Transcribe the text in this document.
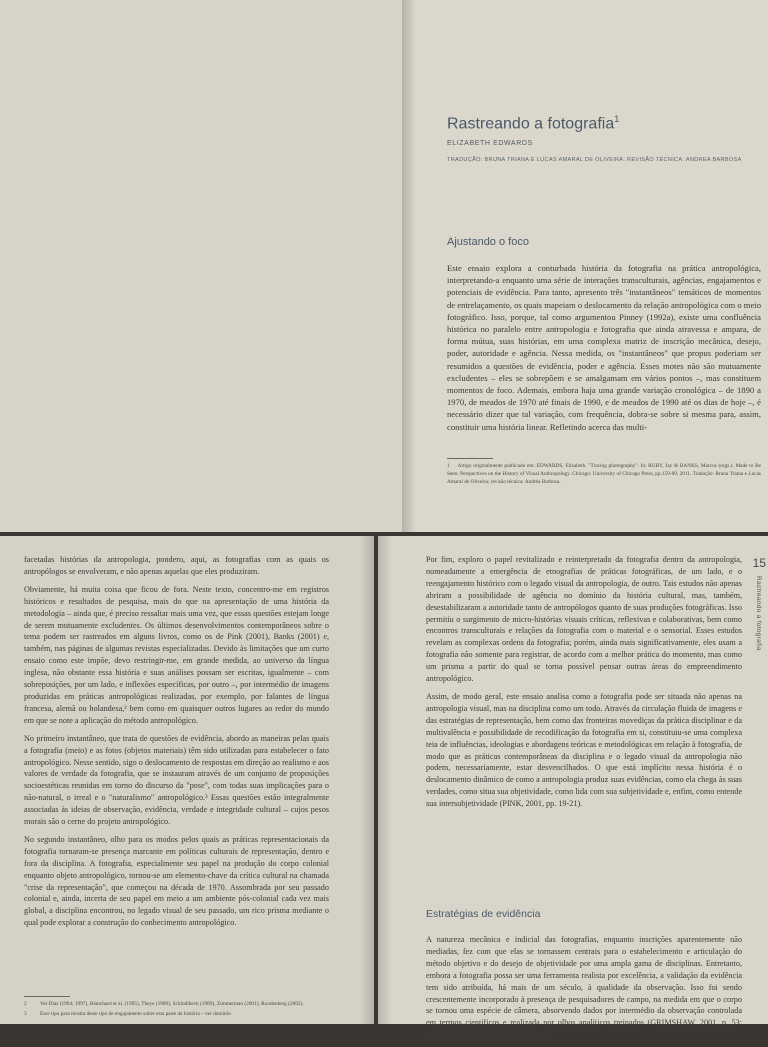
Rastreando a fotografia$^1$
ELIZABETH EDWARDS
TRADUÇÃO: BRUNA TRIANA E LUCAS AMARAL DE OLIVEIRA. REVISÃO TÉCNICA: ANDREA BARBOSA
Ajustando o foco

Este ensaio explora a conturbada história da fotografia na prática antropológica, interpretando-a enquanto uma série de interações transculturais, agências, engajamentos e potenciais de evidência. Para tanto, apresento três "instantâneos" temáticos de momentos de entrelaçamento, os quais mapeiam o deslocamento da relação antropológica com o meio fotográfico. Isso, porque, tal como argumentou Pinney (1992a), existe uma confluência histórica no paralelo entre antropologia e fotografia que ainda atravessa e ampara, de forma mútua, suas histórias, em uma complexa matriz de inscrição mecânica, desejo, poder, autoridade e agência. Nessa medida, os "instantâneos" que propus poderiam ser resumidos a questões de evidência, poder e agência. Esses motes não são mutuamente excludentes – eles se sobrepõem e se amalgamam em vários pontos –, mas constituem momentos de foco. Ademais, embora haja uma grande variação cronológica – de 1890 a 1970, de meados de 1970 até finais de 1990, e de meados de 1990 até os dias de hoje –, é necessário dizer que tal variação, com frequência, dobra-se sobre si mesma para, assim, constituir uma história linear. Refletindo acerca das multi-

1 Artigo originalmente publicado em: EDWARDS, Elizabeth. "Tracing photography". In: RUBY, Jay & BANKS, Marcus (orgs.). Made to Be Seen: Perspectives on the History of Visual Anthropology. Chicago: University of Chicago Press, pp.159-89, 2011. Tradução: Bruna Triana e Lucas Amaral de Oliveira; revisão técnica: Andréa Barbosa.

facetadas histórias da antropologia, pondero, aqui, as fotografias com as quais os antropólogos se envolveram, e não apenas aquelas que eles produziram.

Obviamente, há muita coisa que ficou de fora. Neste texto, concentro-me em registros históricos e resultados de pesquisa, mais do que na apresentação de uma história da metodologia – ainda que, é preciso ressaltar mais uma vez, que essas questões estejam longe de serem mutuamente excludentes. Os últimos desenvolvimentos contemporâneos sobre o tema podem ser rastreados em alguns livros, como os de Pink (2001), Banks (2001) e, também, nas páginas de algumas revistas especializadas. Devido às limitações que um curto ensaio como este impõe, devo restringir-me, em grande medida, ao universo da língua inglesa, não obstante essa história e suas análises possam ser escritas, igualmente – com sobreposições, por um lado, e inflexões específicas, por outro –, por intermédio de imagens produzidas em práticas antropológicas realizadas, por exemplo, por falantes de língua francesa, alemã ou holandesa,² bem como em quaisquer outros lugares ao redor do mundo em que se note a aplicação do método antropológico.

No primeiro instantâneo, que trata de questões de evidência, abordo as maneiras pelas quais a fotografia (meio) e as fotos (objetos materiais) têm sido utilizadas para estabelecer o fato antropológico. Nesse sentido, sigo o deslocamento de respostas em direção ao realismo e aos valores de verdade da fotografia, que se instauram através de um conjunto de proposições socioestéticas reunidas em torno do discurso da "pose", com todas suas implicações para o não-natural, o irreal e o "naturalismo" antropológico.³ Essas questões estão integralmente associadas às ideias de observação, evidência, verdade e integridade cultural – cujos pesos morais são o cerne do projeto antropológico.

No segundo instantâneo, olho para os modos pelos quais as práticas representacionais da fotografia tornaram-se presença marcante em políticas culturais de representação, dentro e fora da disciplina. A fotografia, especialmente seu papel na produção do corpo colonial enquanto objeto antropológico, tornou-se um elemento-chave da crítica cultural na chamada "crise da representação", que começou na década de 1970. Assombrada por seu passado colonial e, ainda, incerta de seu papel em meio a um ambiente pós-colonial cada vez mais global, a disciplina encontrou, no legado visual de seu passado, um rico prisma mediante o qual pode explorar a construção do conhecimento antropológico.

2	Ver Dias (1994; 1997), Blanchard et al. (1995), Theye (1989), Schindlbeck (1989), Zimmerman (2001), Roodenberg (2002).

3	Esse tipo para mostra deste tipo de engajamento sobre esta parte da história – ver domínio

15
Rastreando a fotografia

Por fim, exploro o papel revitalizado e reinterpretado da fotografia dentro da antropologia, nomeadamente a emergência de etnografias de práticas fotográficas, de um lado, e o reengajamento histórico com o legado visual da antropologia, de outro. Tais estudos não apenas abriram a possibilidade de agência no domínio da história cultural, mas, também, desestabilizaram a autoridade tanto de antropólogos quanto de suas produções fotográficas. Isso permitiu o surgimento de micro-histórias visuais críticas, reflexivas e colaborativas, bem como encontros transculturais e relações da fotografia com o material e o sensorial. Esses estudos revelam as complexas ordens da fotografia; porém, ainda mais significativamente, eles usam a fotografia não somente para registrar, de acordo com a melhor prática do momento, mas como um prisma a partir do qual se torna possível pensar outras áreas do empreendimento antropológico.

Assim, de modo geral, este ensaio analisa como a fotografia pode ser situada não apenas na antropologia visual, mas na disciplina como um todo. Através da circulação fluida de imagens e das estratégias de representação, bem como das fronteiras movediças da prática disciplinar e da multivalência e possibilidade de recodificação da fotografia em si, constituiu-se uma complexa teia de influências, ideologias e abordagens teóricas e metodológicas em relação à fotografia, de modo que as práticas contemporâneas da disciplina e o legado visual da antropologia não podem, necessariamente, estar desvencilhados. O que está implícito nessa história é o deslocamento dinâmico de como a antropologia produz suas evidências, como ela chega às suas verdades, como situa sua objetividade, como lida com sua subjetividade e, enfim, como entende sua intersubjetividade (PINK, 2001, pp. 19-21).

Estratégias de evidência

A natureza mecânica e indicial das fotografias, enquanto inscrições aparentemente não mediadas, fez com que elas se tornassem centrais para o estabelecimento e articulação do método objetivo e do desejo de objetividade por uma ampla gama de disciplinas. Entretanto, embora a fotografia possa ser uma ferramenta realista por excelência, a validação da evidência tem sido atribuída, há mais de um século, à qualidade da observação. Isso foi sendo crescentemente incorporado à presença de pesquisadores de campo, na medida em que o corpo se tornou uma espécie de câmera, absorvendo dados por intermédio da observação controlada em termos científicos e realizada por olhos analíticos treinados (GRIMSHAW, 2001, p. 53; GRASSENI, 2011). Assim, a fonte da
